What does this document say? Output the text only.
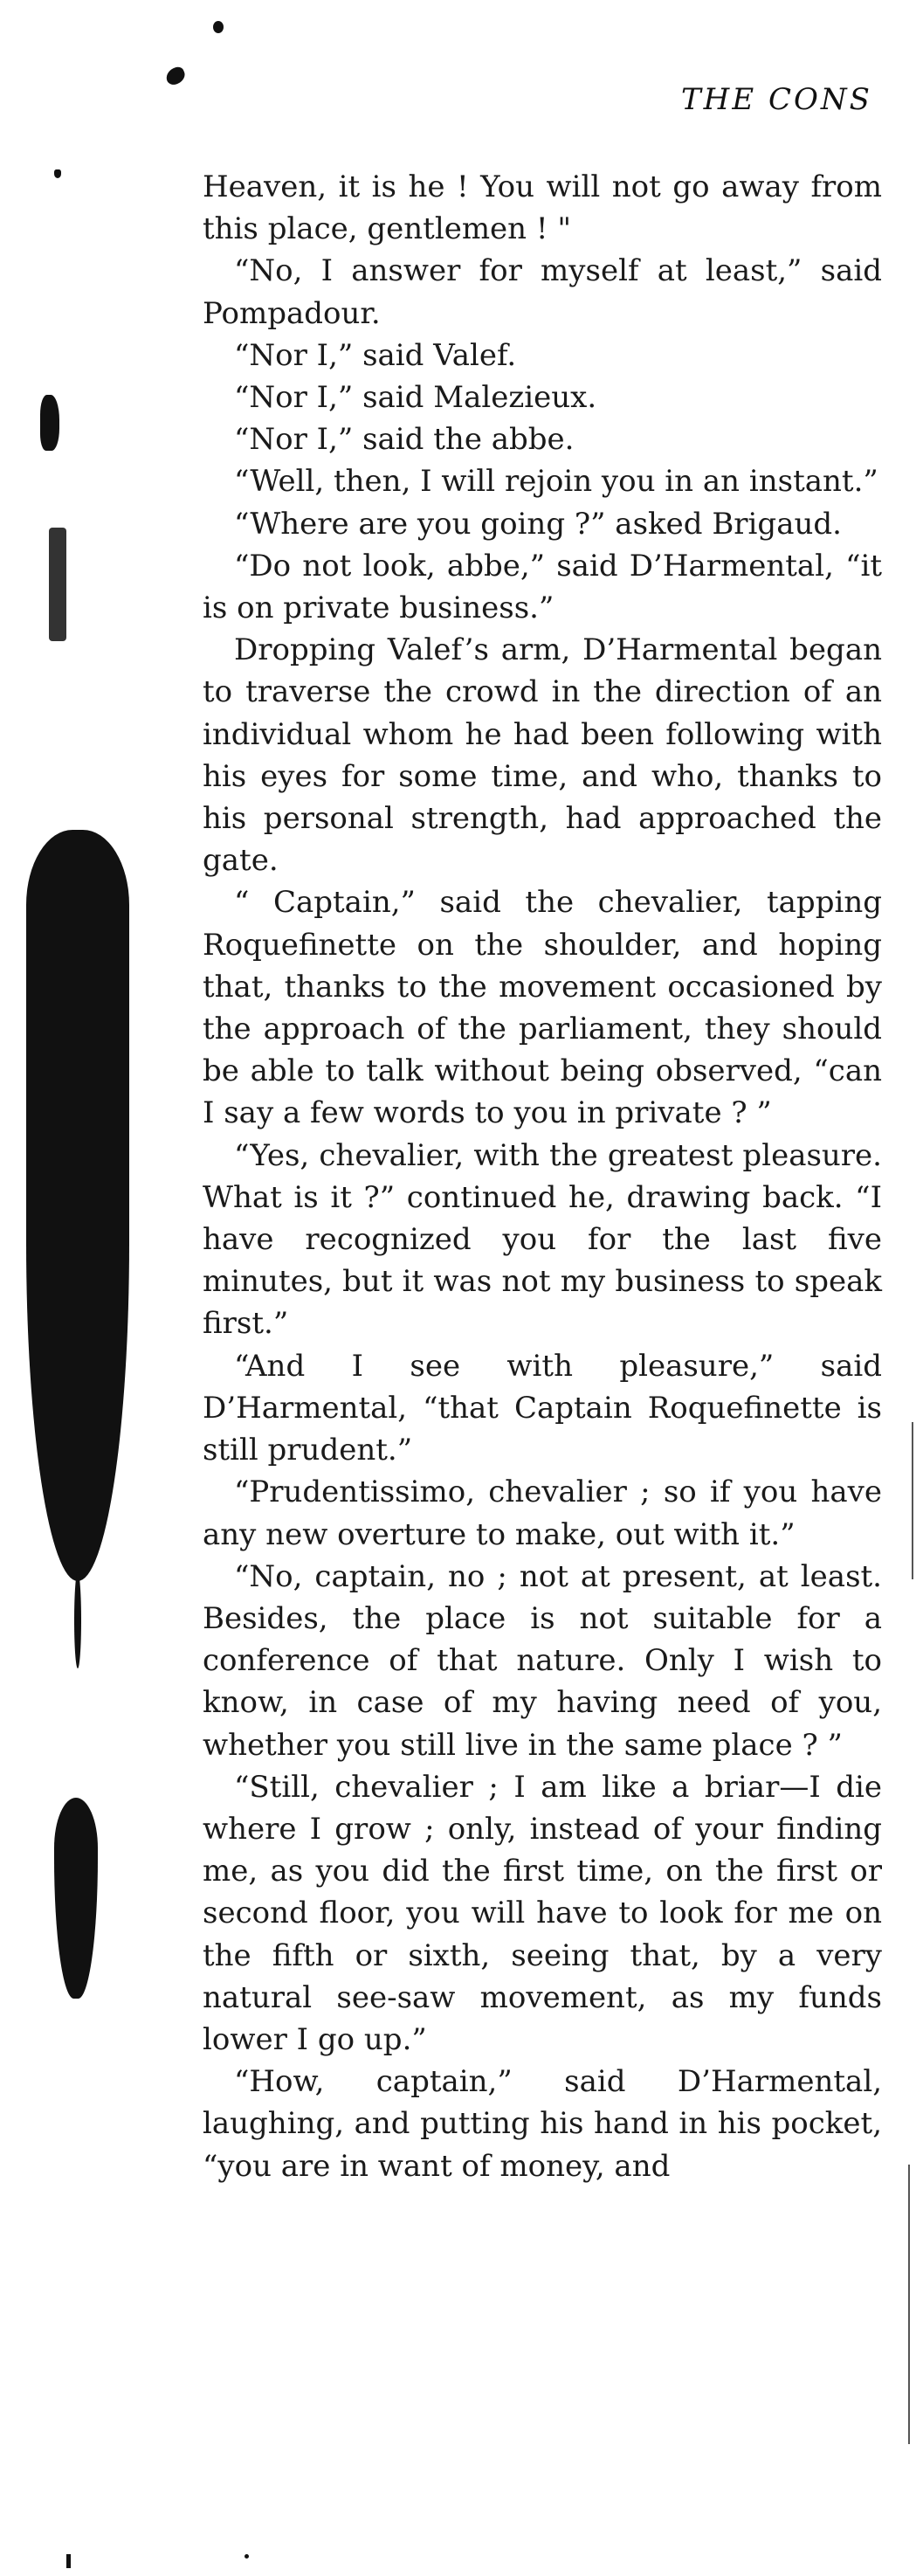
THE CONS

Heaven, it is he ! You will not go away from this place, gentlemen ! "

“No, I answer for myself at least,” said Pompadour.

“Nor I,” said Valef.

“Nor I,” said Malezieux.

“Nor I,” said the abbe.

“Well, then, I will rejoin you in an instant.”

“Where are you going ?” asked Brigaud.

“Do not look, abbe,” said D’Harmental, “it is on private business.”

Dropping Valef’s arm, D’Harmental began to traverse the crowd in the direction of an individual whom he had been following with his eyes for some time, and who, thanks to his personal strength, had approached the gate.

“ Captain,” said the chevalier, tapping Roquefinette on the shoulder, and hoping that, thanks to the movement occasioned by the approach of the parliament, they should be able to talk without being observed, “can I say a few words to you in private ? ”

“Yes, chevalier, with the greatest pleasure. What is it ?” continued he, drawing back. “I have recognized you for the last five minutes, but it was not my business to speak first.”

“And I see with pleasure,” said D’Harmental, “that Captain Roquefinette is still prudent.”

“Prudentissimo, chevalier ; so if you have any new overture to make, out with it.”

“No, captain, no ; not at present, at least. Besides, the place is not suitable for a conference of that nature. Only I wish to know, in case of my having need of you, whether you still live in the same place ? ”

“Still, chevalier ; I am like a briar—I die where I grow ; only, instead of your finding me, as you did the first time, on the first or second floor, you will have to look for me on the fifth or sixth, seeing that, by a very natural see-saw movement, as my funds lower I go up.”

“How, captain,” said D’Harmental, laughing, and putting his hand in his pocket, “you are in want of money, and
